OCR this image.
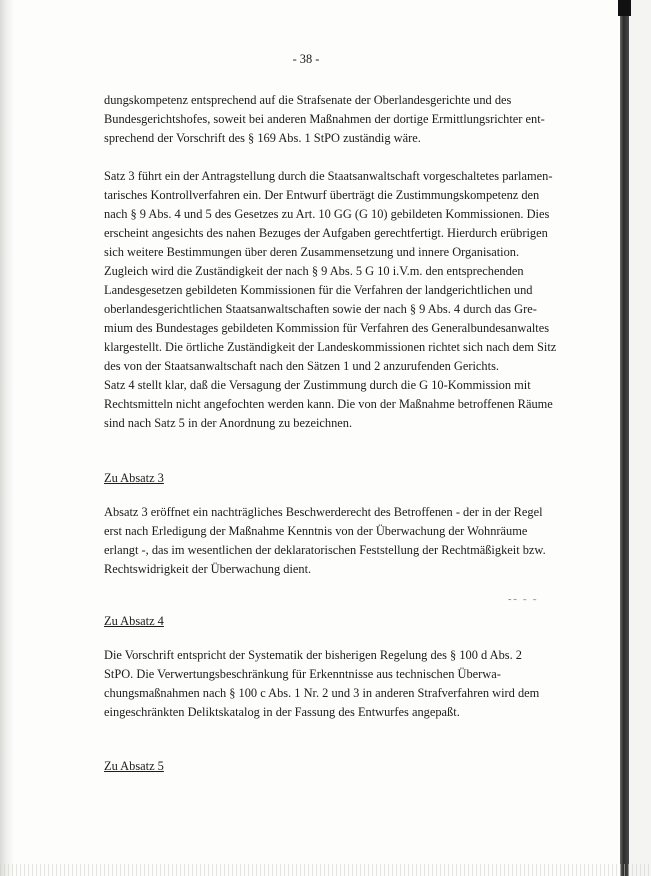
- 38 -

dungskompetenz entsprechend auf die Strafsenate der Oberlandesgerichte und des
Bundesgerichtshofes, soweit bei anderen Maßnahmen der dortige Ermittlungsrichter ent-
sprechend der Vorschrift des § 169 Abs. 1 StPO zuständig wäre.

Satz 3 führt ein der Antragstellung durch die Staatsanwaltschaft vorgeschaltetes parlamen-
tarisches Kontrollverfahren ein. Der Entwurf überträgt die Zustimmungskompetenz den
nach § 9 Abs. 4 und 5 des Gesetzes zu Art. 10 GG (G 10) gebildeten Kommissionen. Dies
erscheint angesichts des nahen Bezuges der Aufgaben gerechtfertigt. Hierdurch erübrigen
sich weitere Bestimmungen über deren Zusammensetzung und innere Organisation.
Zugleich wird die Zuständigkeit der nach § 9 Abs. 5 G 10 i.V.m. den entsprechenden
Landesgesetzen gebildeten Kommissionen für die Verfahren der landgerichtlichen und
oberlandesgerichtlichen Staatsanwaltschaften sowie der nach § 9 Abs. 4 durch das Gre-
mium des Bundestages gebildeten Kommission für Verfahren des Generalbundesanwaltes
klargestellt. Die örtliche Zuständigkeit der Landeskommissionen richtet sich nach dem Sitz
des von der Staatsanwaltschaft nach den Sätzen 1 und 2 anzurufenden Gerichts.

Satz 4 stellt klar, daß die Versagung der Zustimmung durch die G 10-Kommission mit
Rechtsmitteln nicht angefochten werden kann. Die von der Maßnahme betroffenen Räume
sind nach Satz 5 in der Anordnung zu bezeichnen.

Zu Absatz 3

Absatz 3 eröffnet ein nachträgliches Beschwerderecht des Betroffenen - der in der Regel
erst nach Erledigung der Maßnahme Kenntnis von der Überwachung der Wohnräume
erlangt -, das im wesentlichen der deklaratorischen Feststellung der Rechtmäßigkeit bzw.
Rechtswidrigkeit der Überwachung dient.

˜˜ ˉ ˉ

Zu Absatz 4

Die Vorschrift entspricht der Systematik der bisherigen Regelung des § 100 d Abs. 2
StPO. Die Verwertungsbeschränkung für Erkenntnisse aus technischen Überwa-
chungsmaßnahmen nach § 100 c Abs. 1 Nr. 2 und 3 in anderen Strafverfahren wird dem
eingeschränkten Deliktskatalog in der Fassung des Entwurfes angepaßt.

Zu Absatz 5
